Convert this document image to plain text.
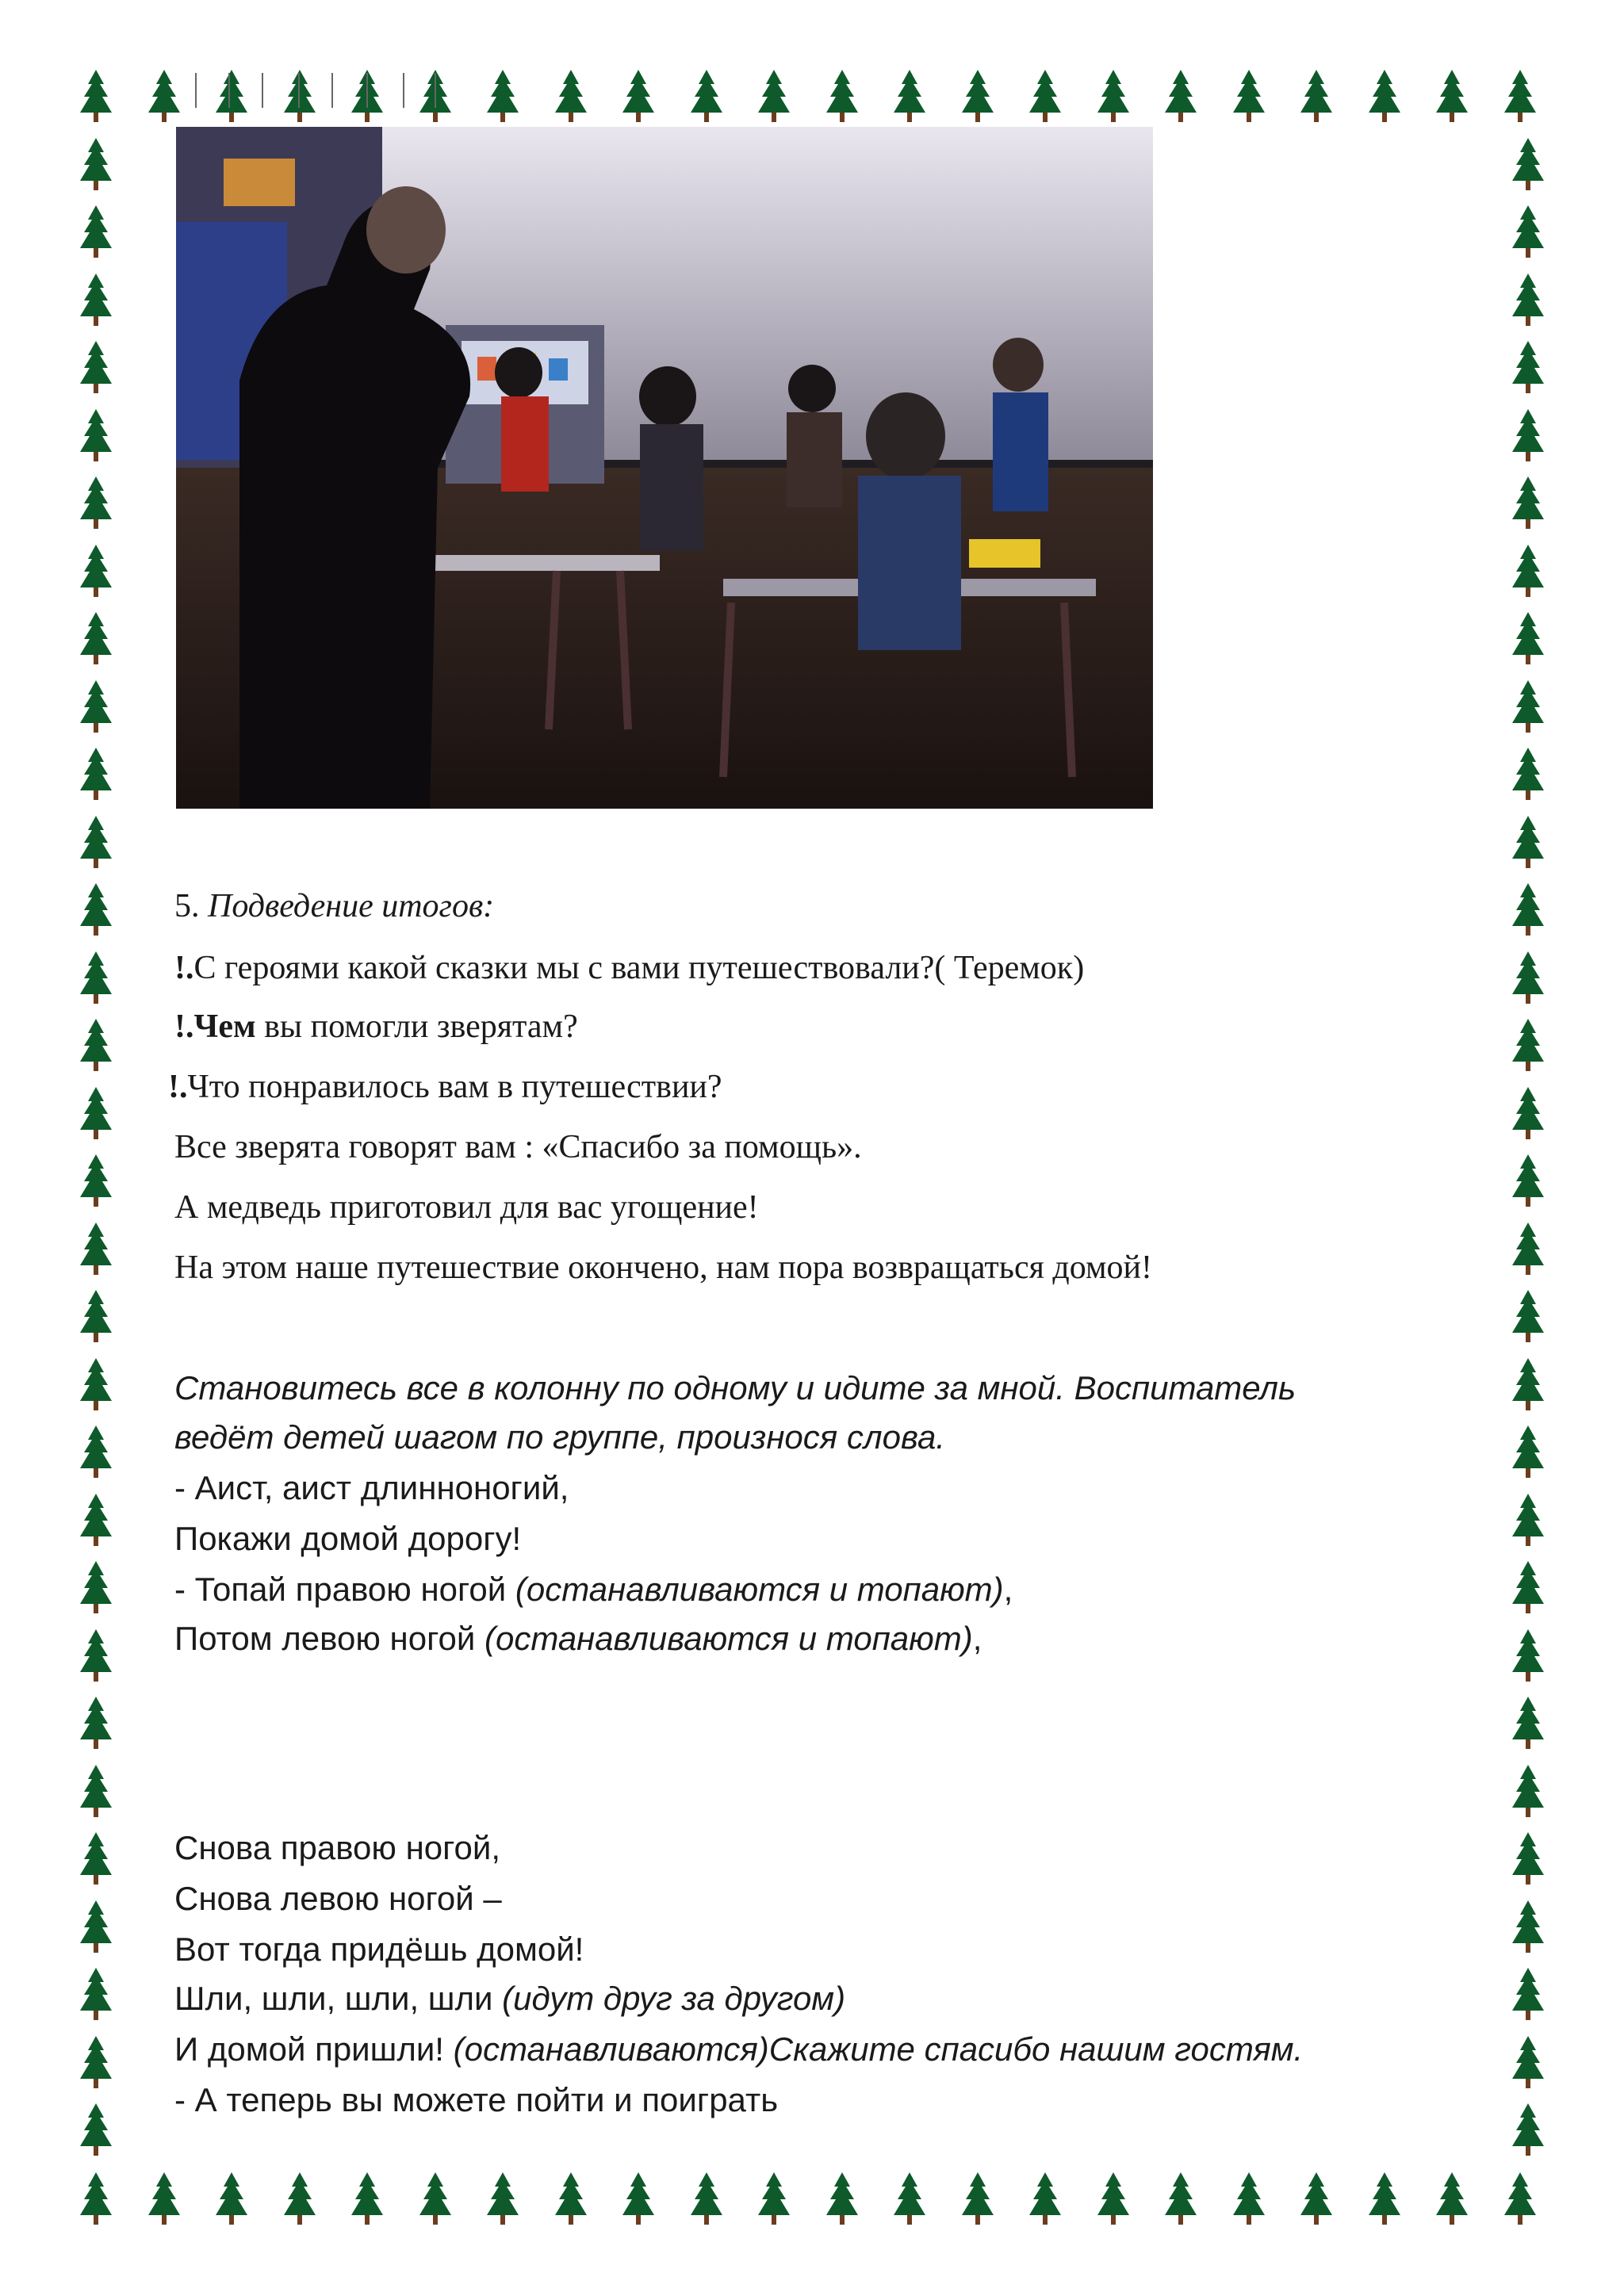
5. Подведение итогов:
!.С героями какой сказки мы с вами путешествовали?( Теремок)
!.Чем вы помогли зверятам?
!.Что понравилось вам в путешествии?
Все зверята говорят вам : «Спасибо за помощь».
А медведь приготовил для вас угощение!
На этом наше путешествие окончено, нам пора возвращаться домой!
Становитесь все в колонну по одному и идите за мной. Воспитатель
ведёт детей шагом по группе, произнося слова.
- Аист, аист длинноногий,
Покажи домой дорогу!
- Топай правою ногой (останавливаются и топают),
Потом левою ногой (останавливаются и топают),
Снова правою ногой,
Снова левою ногой –
Вот тогда придёшь домой!
Шли, шли, шли, шли (идут друг за другом)
И домой пришли! (останавливаются)Скажите спасибо нашим гостям.
- А теперь вы можете пойти и поиграть
